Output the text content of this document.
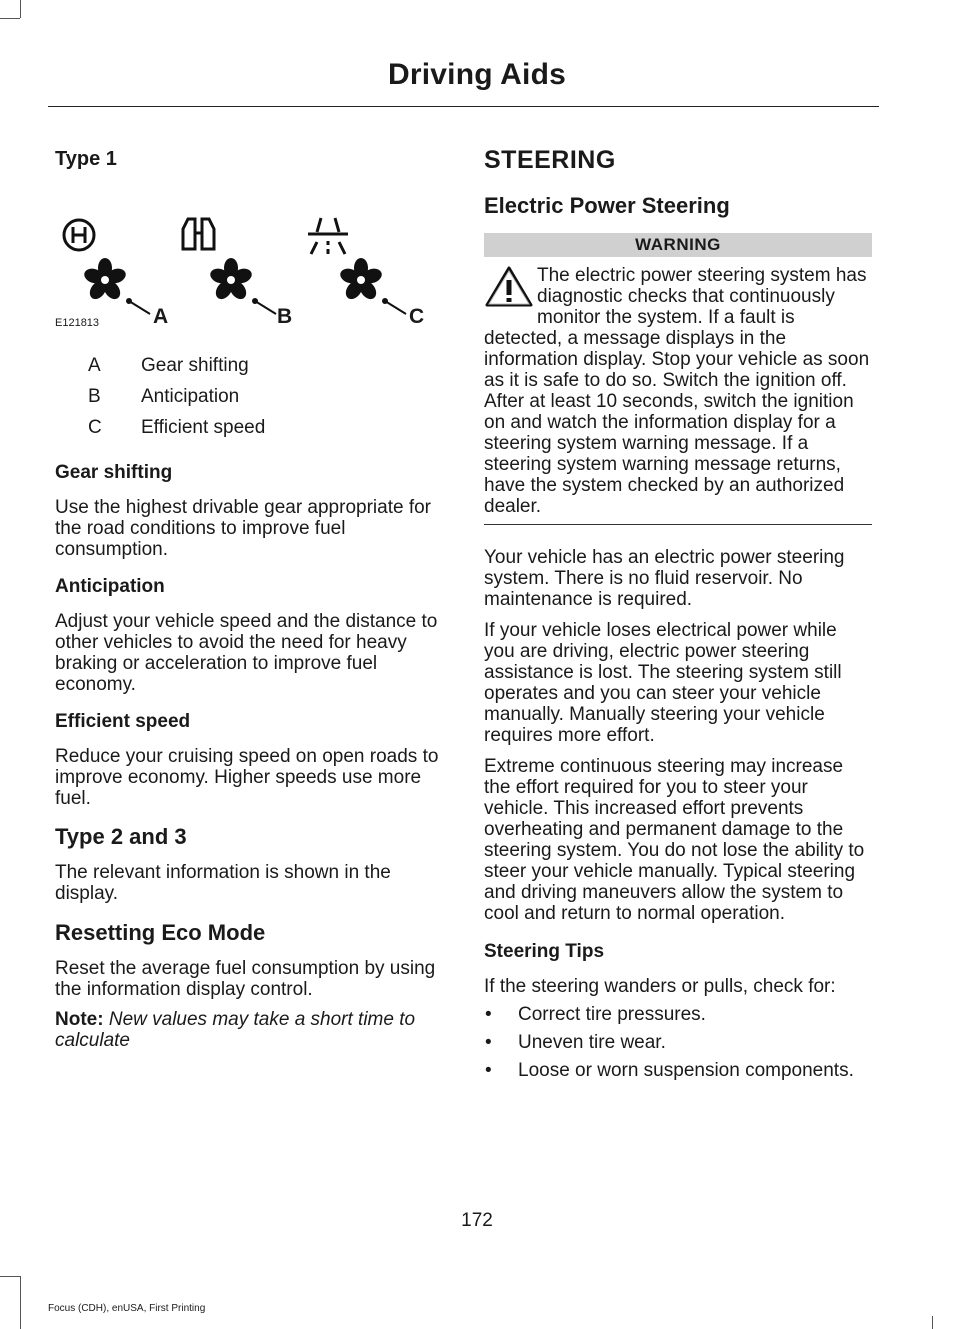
Driving Aids
Type 1
A	B	C
E121813
A	Gear shifting
B	Anticipation
C	Efficient speed
Gear shifting

Use the highest drivable gear appropriate for the road conditions to improve fuel consumption.

Anticipation

Adjust your vehicle speed and the distance to other vehicles to avoid the need for heavy braking or acceleration to improve fuel economy.

Efficient speed

Reduce your cruising speed on open roads to improve economy. Higher speeds use more fuel.

Type 2 and 3

The relevant information is shown in the display.

Resetting Eco Mode

Reset the average fuel consumption by using the information display control.

Note: New values may take a short time to calculate

STEERING
Electric Power Steering
WARNING
The electric power steering system has diagnostic checks that continuously monitor the system. If a fault is detected, a message displays in the information display. Stop your vehicle as soon as it is safe to do so. Switch the ignition off. After at least 10 seconds, switch the ignition on and watch the information display for a steering system warning message. If a steering system warning message returns, have the system checked by an authorized dealer.

Your vehicle has an electric power steering system. There is no fluid reservoir. No maintenance is required.

If your vehicle loses electrical power while you are driving, electric power steering assistance is lost. The steering system still operates and you can steer your vehicle manually. Manually steering your vehicle requires more effort.

Extreme continuous steering may increase the effort required for you to steer your vehicle. This increased effort prevents overheating and permanent damage to the steering system. You do not lose the ability to steer your vehicle manually. Typical steering and driving maneuvers allow the system to cool and return to normal operation.

Steering Tips

If the steering wanders or pulls, check for:

•	Correct tire pressures.
•	Uneven tire wear.
•	Loose or worn suspension components.
172
Focus (CDH), enUSA, First Printing
